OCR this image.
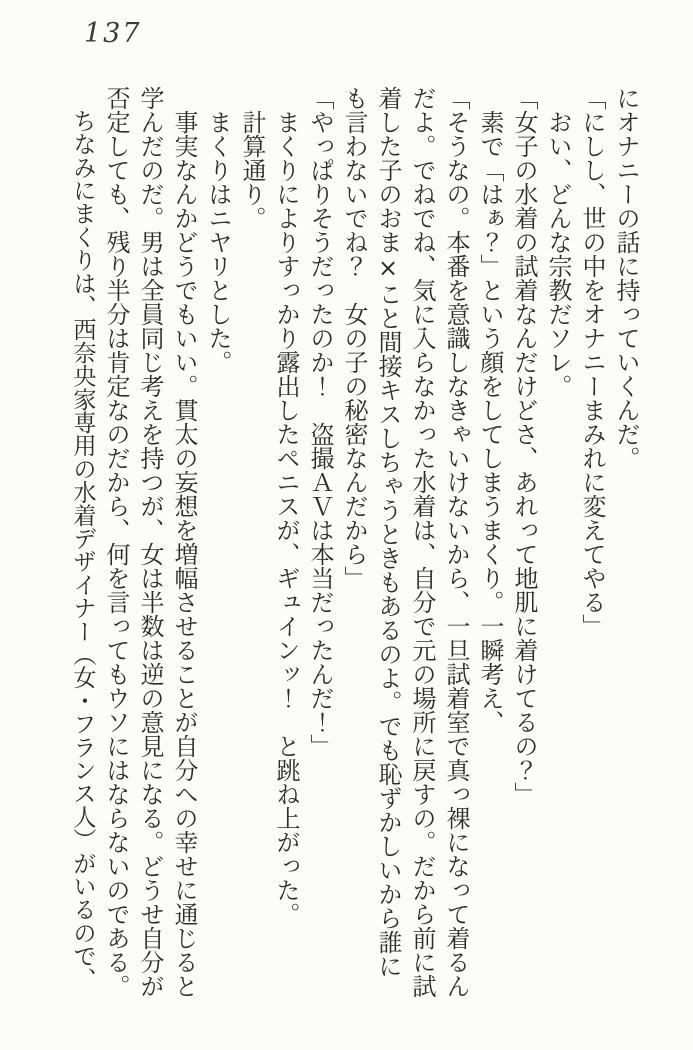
137

にオナニーの話に持っていくんだ。

「にしし、世の中をオナニーまみれに変えてやる」

おい、どんな宗教だソレ。

「女子の水着の試着なんだけどさ、あれって地肌に着けてるの？」

素で「はぁ？」という顔をしてしまうまくり。一瞬考え、

「そうなの。本番を意識しなきゃいけないから、一旦試着室で真っ裸になって着るんだよ。でねでね、気に入らなかった水着は、自分で元の場所に戻すの。だから前に試着した子のおま×こと間接キスしちゃうときもあるのよ。でも恥ずかしいから誰にも言わないでね？　女の子の秘密なんだから」

「やっぱりそうだったのか！　盗撮ＡＶは本当だったんだ！」

まくりによりすっかり露出したペニスが、ギュインッ！　と跳ね上がった。

計算通り。

まくりはニヤリとした。

事実なんかどうでもいい。貫太の妄想を増幅させることが自分への幸せに通じると学んだのだ。男は全員同じ考えを持つが、女は半数は逆の意見になる。どうせ自分が否定しても、残り半分は肯定なのだから、何を言ってもウソにはならないのである。

ちなみにまくりは、西奈央家専用の水着デザイナー（女・フランス人）がいるので、
